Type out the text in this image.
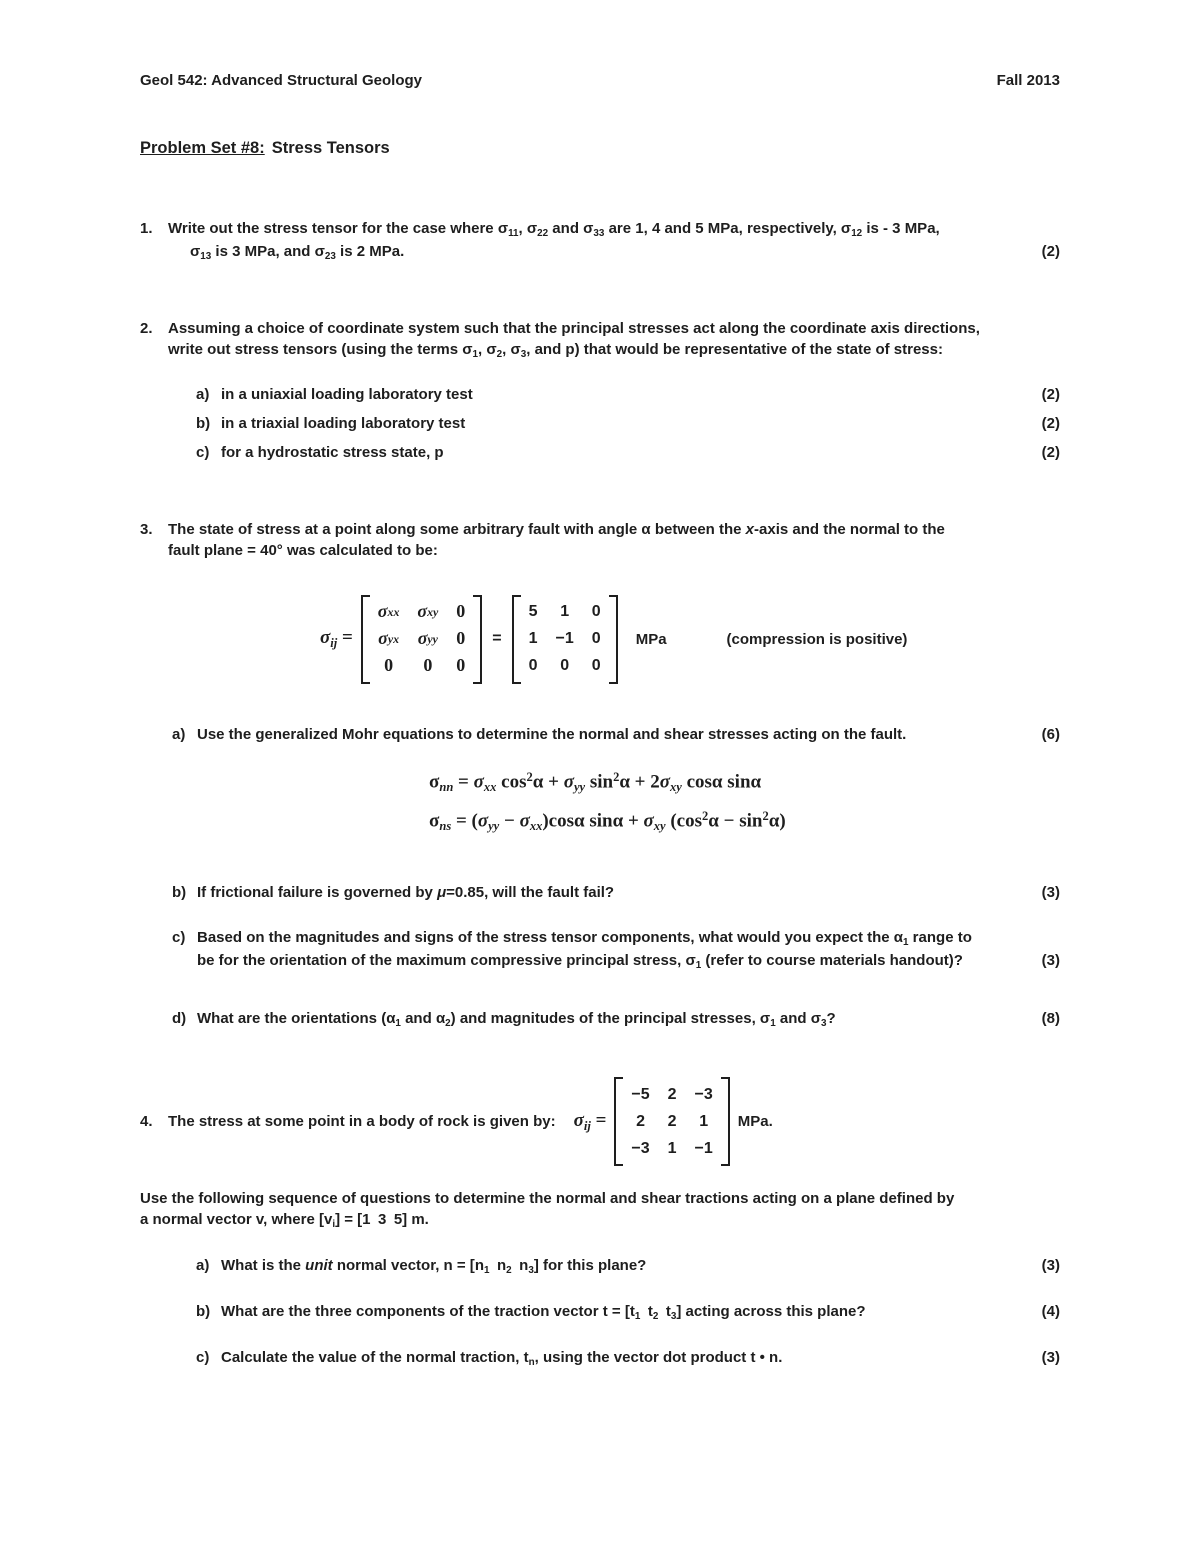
Geol 542: Advanced Structural Geology	Fall 2013
Problem Set #8: Stress Tensors
1.	Write out the stress tensor for the case where $\sigma_{11}$, $\sigma_{22}$ and $\sigma_{33}$ are 1, 4 and 5 MPa, respectively, $\sigma_{12}$ is - 3 MPa,
$\sigma_{13}$ is 3 MPa, and $\sigma_{23}$ is 2 MPa.	(2)
2.	Assuming a choice of coordinate system such that the principal stresses act along the coordinate axis directions,
write out stress tensors (using the terms $\sigma_1$, $\sigma_2$, $\sigma_3$, and p) that would be representative of the state of stress:
a) in a uniaxial loading laboratory test	(2)
b) in a triaxial loading laboratory test	(2)
c) for a hydrostatic stress state, p	(2)
3.	The state of stress at a point along some arbitrary fault with angle α between the x-axis and the normal to the
fault plane = 40° was calculated to be:
$\sigma_{ij}$ =
σ xx σ xy 0
σ yx σ yy 0
0 0 0
=
5 1 0
1 −1 0
0 0 0
MPa	(compression is positive)
a) Use the generalized Mohr equations to determine the normal and shear stresses acting on the fault.	(6)
$\sigma_{nn} = \sigma_{xx}$ $\cos^2\alpha + \sigma_{yy}$ $\sin^2\alpha + 2\sigma_{xy}$ cosα sinα
$\sigma_{ns} = (\sigma_{yy} - \sigma_{xx})\cos\alpha$ $\sin\alpha + \sigma_{xy}$ $(\cos^2\alpha - \sin^2\alpha)$
b) If frictional failure is governed by μ=0.85, will the fault fail?	(3)
c) Based on the magnitudes and signs of the stress tensor components, what would you expect the $\alpha_1$ range to
be for the orientation of the maximum compressive principal stress, $\sigma_1$ (refer to course materials handout)?	(3)
d) What are the orientations ($\alpha_1$ and $\alpha_2$) and magnitudes of the principal stresses, $\sigma_1$ and $\sigma_3$?	(8)
4.	The stress at some point in a body of rock is given by: $\sigma_{ij}$ =
−5 2 −3
2 2 1
−3 1 −1
MPa.
Use the following sequence of questions to determine the normal and shear tractions acting on a plane defined by
a normal vector v, where $[v_i] = [1$ 3 5] m.
a) What is the unit normal vector, $n = [n_1$  $n_2$  $n_3$] for this plane?	(3)
b) What are the three components of the traction vector $t = [t_1$  $t_2$  $t_3$] acting across this plane?	(4)
c) Calculate the value of the normal traction, $t_n$, using the vector dot product t • n.	(3)
